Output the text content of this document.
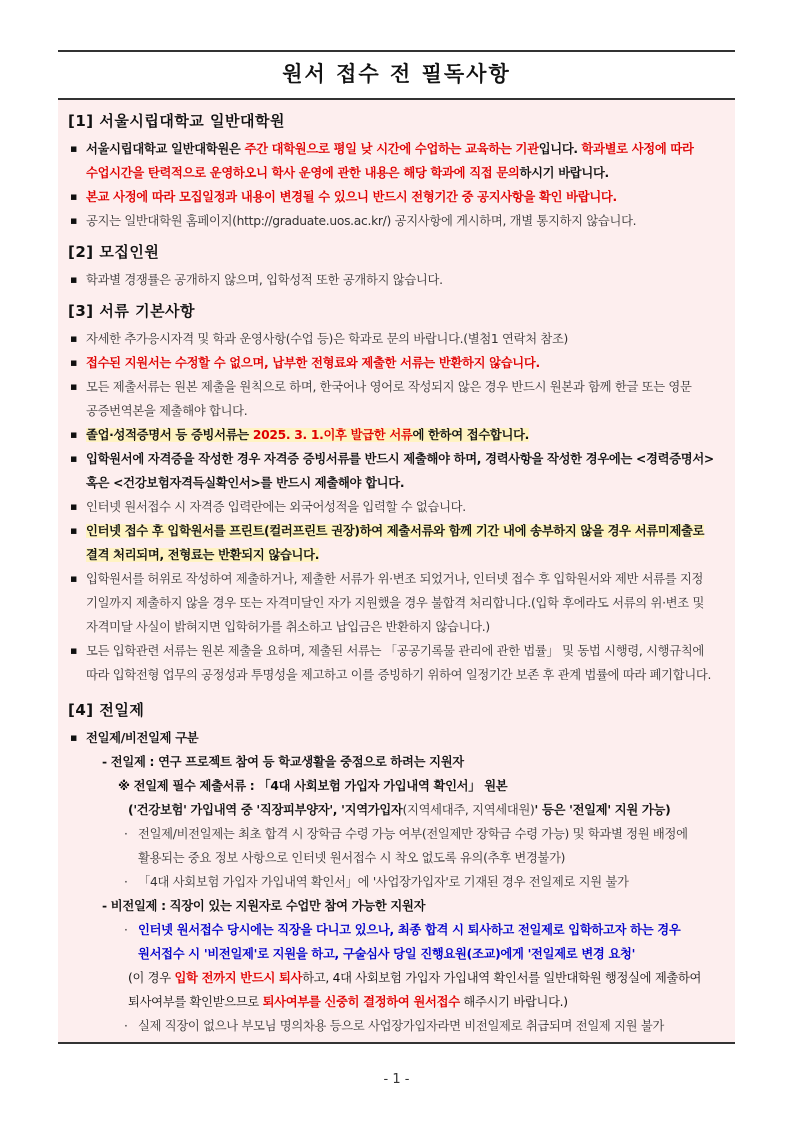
원서 접수 전 필독사항
[1] 서울시립대학교 일반대학원
▪ 서울시립대학교 일반대학원은 주간 대학원으로 평일 낮 시간에 수업하는 교육하는 기관입니다. 학과별로 사정에 따라 수업시간을 탄력적으로 운영하오니 학사 운영에 관한 내용은 해당 학과에 직접 문의하시기 바랍니다.
▪ 본교 사정에 따라 모집일정과 내용이 변경될 수 있으니 반드시 전형기간 중 공지사항을 확인 바랍니다.
▪ 공지는 일반대학원 홈페이지(http://graduate.uos.ac.kr/) 공지사항에 게시하며, 개별 통지하지 않습니다.
[2] 모집인원
▪ 학과별 경쟁률은 공개하지 않으며, 입학성적 또한 공개하지 않습니다.
[3] 서류 기본사항
▪ 자세한 추가응시자격 및 학과 운영사항(수업 등)은 학과로 문의 바랍니다.(별첨1 연락처 참조)
▪ 접수된 지원서는 수정할 수 없으며, 납부한 전형료와 제출한 서류는 반환하지 않습니다.
▪ 모든 제출서류는 원본 제출을 원칙으로 하며, 한국어나 영어로 작성되지 않은 경우 반드시 원본과 함께 한글 또는 영문 공증번역본을 제출해야 합니다.
▪ 졸업·성적증명서 등 증빙서류는 2025. 3. 1.이후 발급한 서류에 한하여 접수합니다.
▪ 입학원서에 자격증을 작성한 경우 자격증 증빙서류를 반드시 제출해야 하며, 경력사항을 작성한 경우에는 <경력증명서> 혹은 <건강보험자격득실확인서>를 반드시 제출해야 합니다.
▪ 인터넷 원서접수 시 자격증 입력란에는 외국어성적을 입력할 수 없습니다.
▪ 인터넷 접수 후 입학원서를 프린트(컬러프린트 권장)하여 제출서류와 함께 기간 내에 송부하지 않을 경우 서류미제출로 결격 처리되며, 전형료는 반환되지 않습니다.
▪ 입학원서를 허위로 작성하여 제출하거나, 제출한 서류가 위·변조 되었거나, 인터넷 접수 후 입학원서와 제반 서류를 지정 기일까지 제출하지 않을 경우 또는 자격미달인 자가 지원했을 경우 불합격 처리합니다.(입학 후에라도 서류의 위·변조 및 자격미달 사실이 밝혀지면 입학허가를 취소하고 납입금은 반환하지 않습니다.)
▪ 모든 입학관련 서류는 원본 제출을 요하며, 제출된 서류는 「공공기록물 관리에 관한 법률」 및 동법 시행령, 시행규칙에 따라 입학전형 업무의 공정성과 투명성을 제고하고 이를 증빙하기 위하여 일정기간 보존 후 관계 법률에 따라 폐기합니다.
[4] 전일제
▪ 전일제/비전일제 구분
- 전일제 : 연구 프로젝트 참여 등 학교생활을 중점으로 하려는 지원자
※ 전일제 필수 제출서류 : 「4대 사회보험 가입자 가입내역 확인서」 원본
('건강보험' 가입내역 중 '직장피부양자', '지역가입자(지역세대주, 지역세대원)' 등은 '전일제' 지원 가능)
· 전일제/비전일제는 최초 합격 시 장학금 수령 가능 여부(전일제만 장학금 수령 가능) 및 학과별 정원 배정에 활용되는 중요 정보 사항으로 인터넷 원서접수 시 착오 없도록 유의(추후 변경불가)
· 「4대 사회보험 가입자 가입내역 확인서」에 '사업장가입자'로 기재된 경우 전일제로 지원 불가
- 비전일제 : 직장이 있는 지원자로 수업만 참여 가능한 지원자
· 인터넷 원서접수 당시에는 직장을 다니고 있으나, 최종 합격 시 퇴사하고 전일제로 입학하고자 하는 경우 원서접수 시 '비전일제'로 지원을 하고, 구술심사 당일 진행요원(조교)에게 '전일제로 변경 요청'
(이 경우 입학 전까지 반드시 퇴사하고, 4대 사회보험 가입자 가입내역 확인서를 일반대학원 행정실에 제출하여 퇴사여부를 확인받으므로 퇴사여부를 신중히 결정하여 원서접수 해주시기 바랍니다.)
· 실제 직장이 없으나 부모님 명의차용 등으로 사업장가입자라면 비전일제로 취급되며 전일제 지원 불가
- 1 -
